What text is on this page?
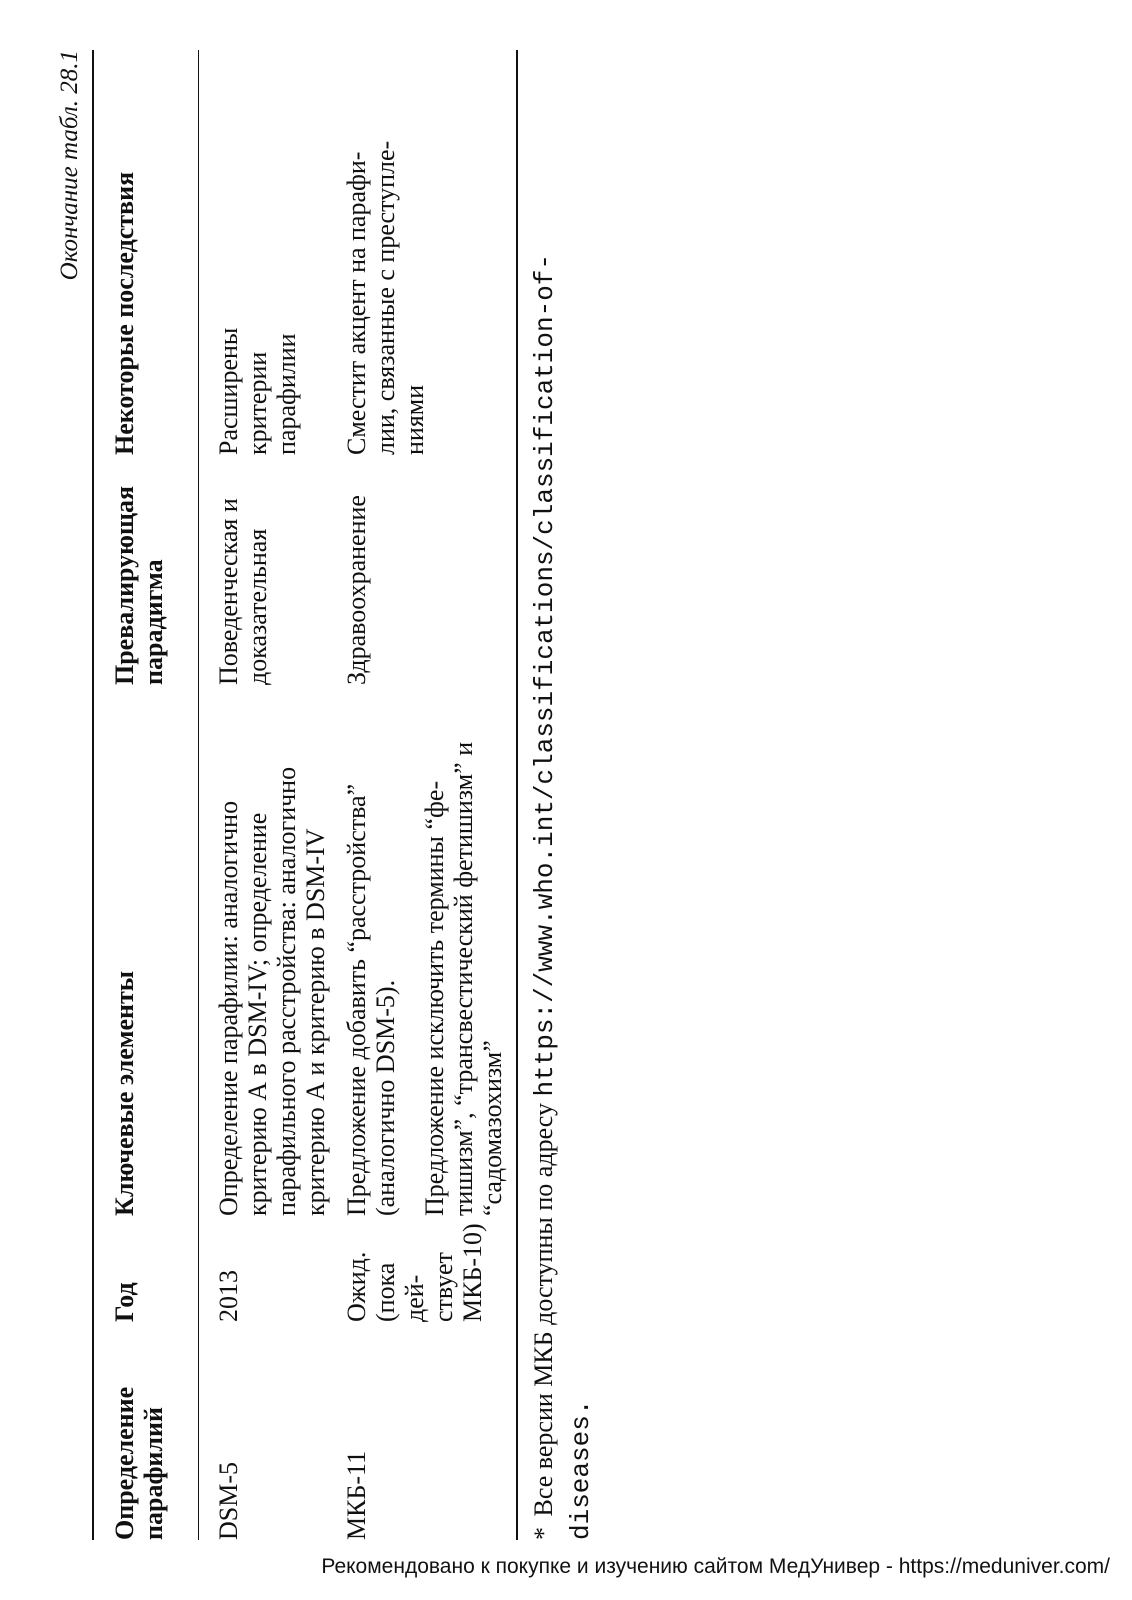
Окончание табл. 28.1
Определение парафилий
Год
Ключевые элементы
Превалирующая парадигма
Некоторые последствия
DSM-5
2013
Определение парафилии: аналогично критерию А в DSM-IV; определение парафильного расстройства: аналогично критерию А и критерию в DSM-IV
Поведенческая и доказательная
Расширены критерии парафилии
МКБ-11
Ожид. (пока дей-ствует МКБ-10)
Предложение добавить “расстройства” (аналогично DSM-5). Предложение исключить термины “фе-тишизм”, “трансвестический фетишизм” и “садомазохизм”
Здравоохранение
Сместит акцент на парафи-лии, связанные с преступле-ниями
* Все версии МКБ доступны по адресу https://www.who.int/classifications/classification-of-
diseases.
Рекомендовано к покупке и изучению сайтом МедУнивер - https://meduniver.com/
